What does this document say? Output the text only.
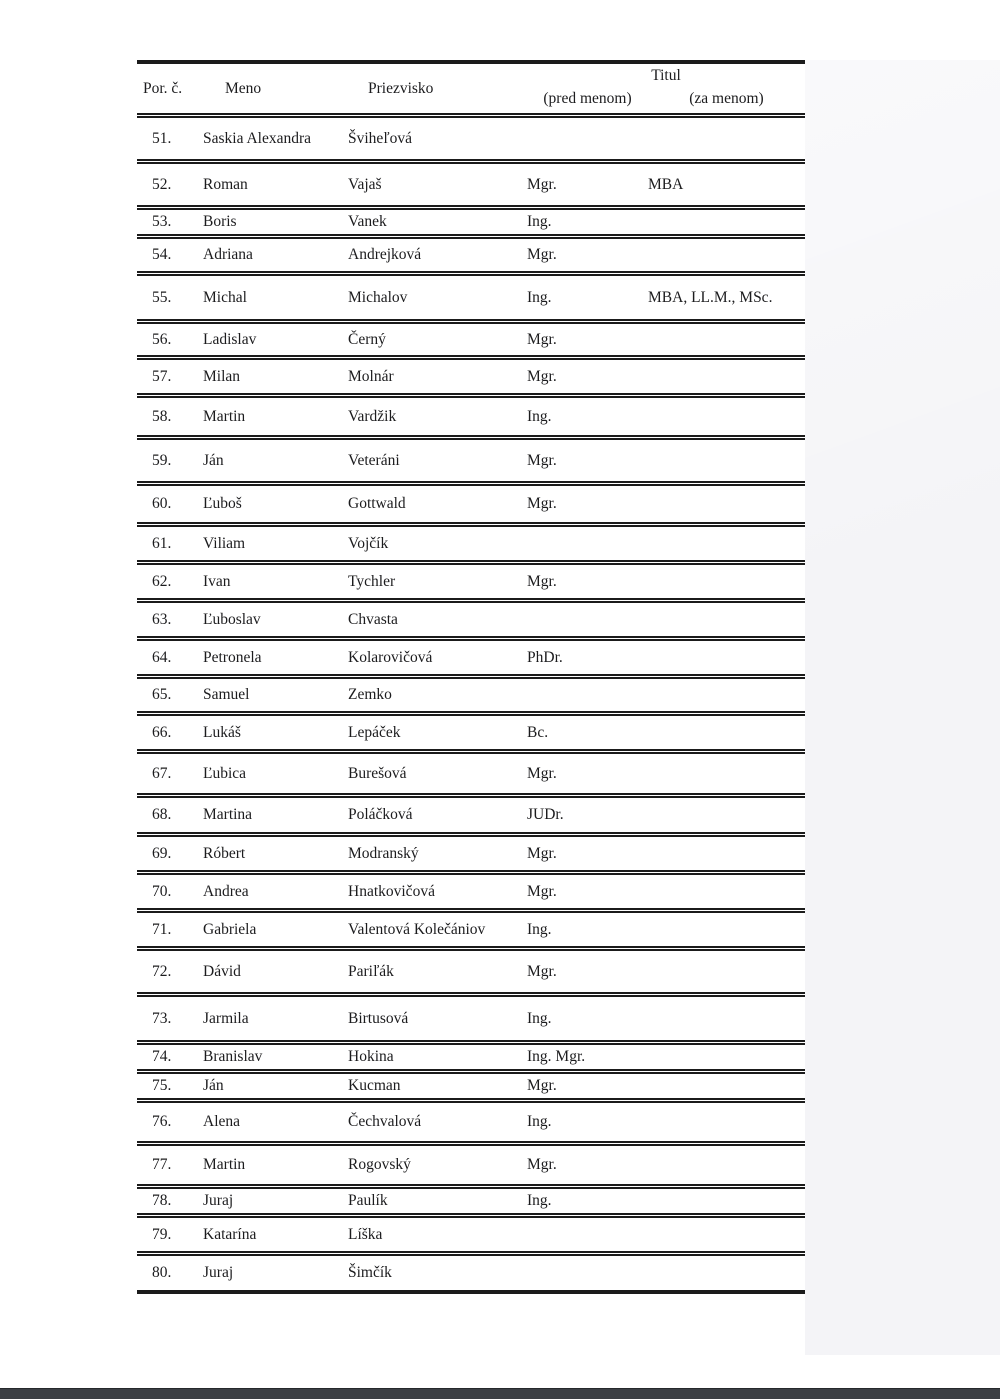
Por. č.	Meno	Priezvisko
Titul
(pred menom)	(za menom)
51.	Saskia Alexandra	Šviheľová
52.	Roman	Vajaš	Mgr.	MBA
53.	Boris	Vanek	Ing.
54.	Adriana	Andrejková	Mgr.
55.	Michal	Michalov	Ing.	MBA, LL.M., MSc.
56.	Ladislav	Černý	Mgr.
57.	Milan	Molnár	Mgr.
58.	Martin	Vardžik	Ing.
59.	Ján	Veteráni	Mgr.
60.	Ľuboš	Gottwald	Mgr.
61.	Viliam	Vojčík
62.	Ivan	Tychler	Mgr.
63.	Ľuboslav	Chvasta
64.	Petronela	Kolarovičová	PhDr.
65.	Samuel	Zemko
66.	Lukáš	Lepáček	Bc.
67.	Ľubica	Burešová	Mgr.
68.	Martina	Poláčková	JUDr.
69.	Róbert	Modranský	Mgr.
70.	Andrea	Hnatkovičová	Mgr.
71.	Gabriela	Valentová Kolečániov	Ing.
72.	Dávid	Pariľák	Mgr.
73.	Jarmila	Birtusová	Ing.
74.	Branislav	Hokina	Ing. Mgr.
75.	Ján	Kucman	Mgr.
76.	Alena	Čechvalová	Ing.
77.	Martin	Rogovský	Mgr.
78.	Juraj	Paulík	Ing.
79.	Katarína	Líška
80.	Juraj	Šimčík
